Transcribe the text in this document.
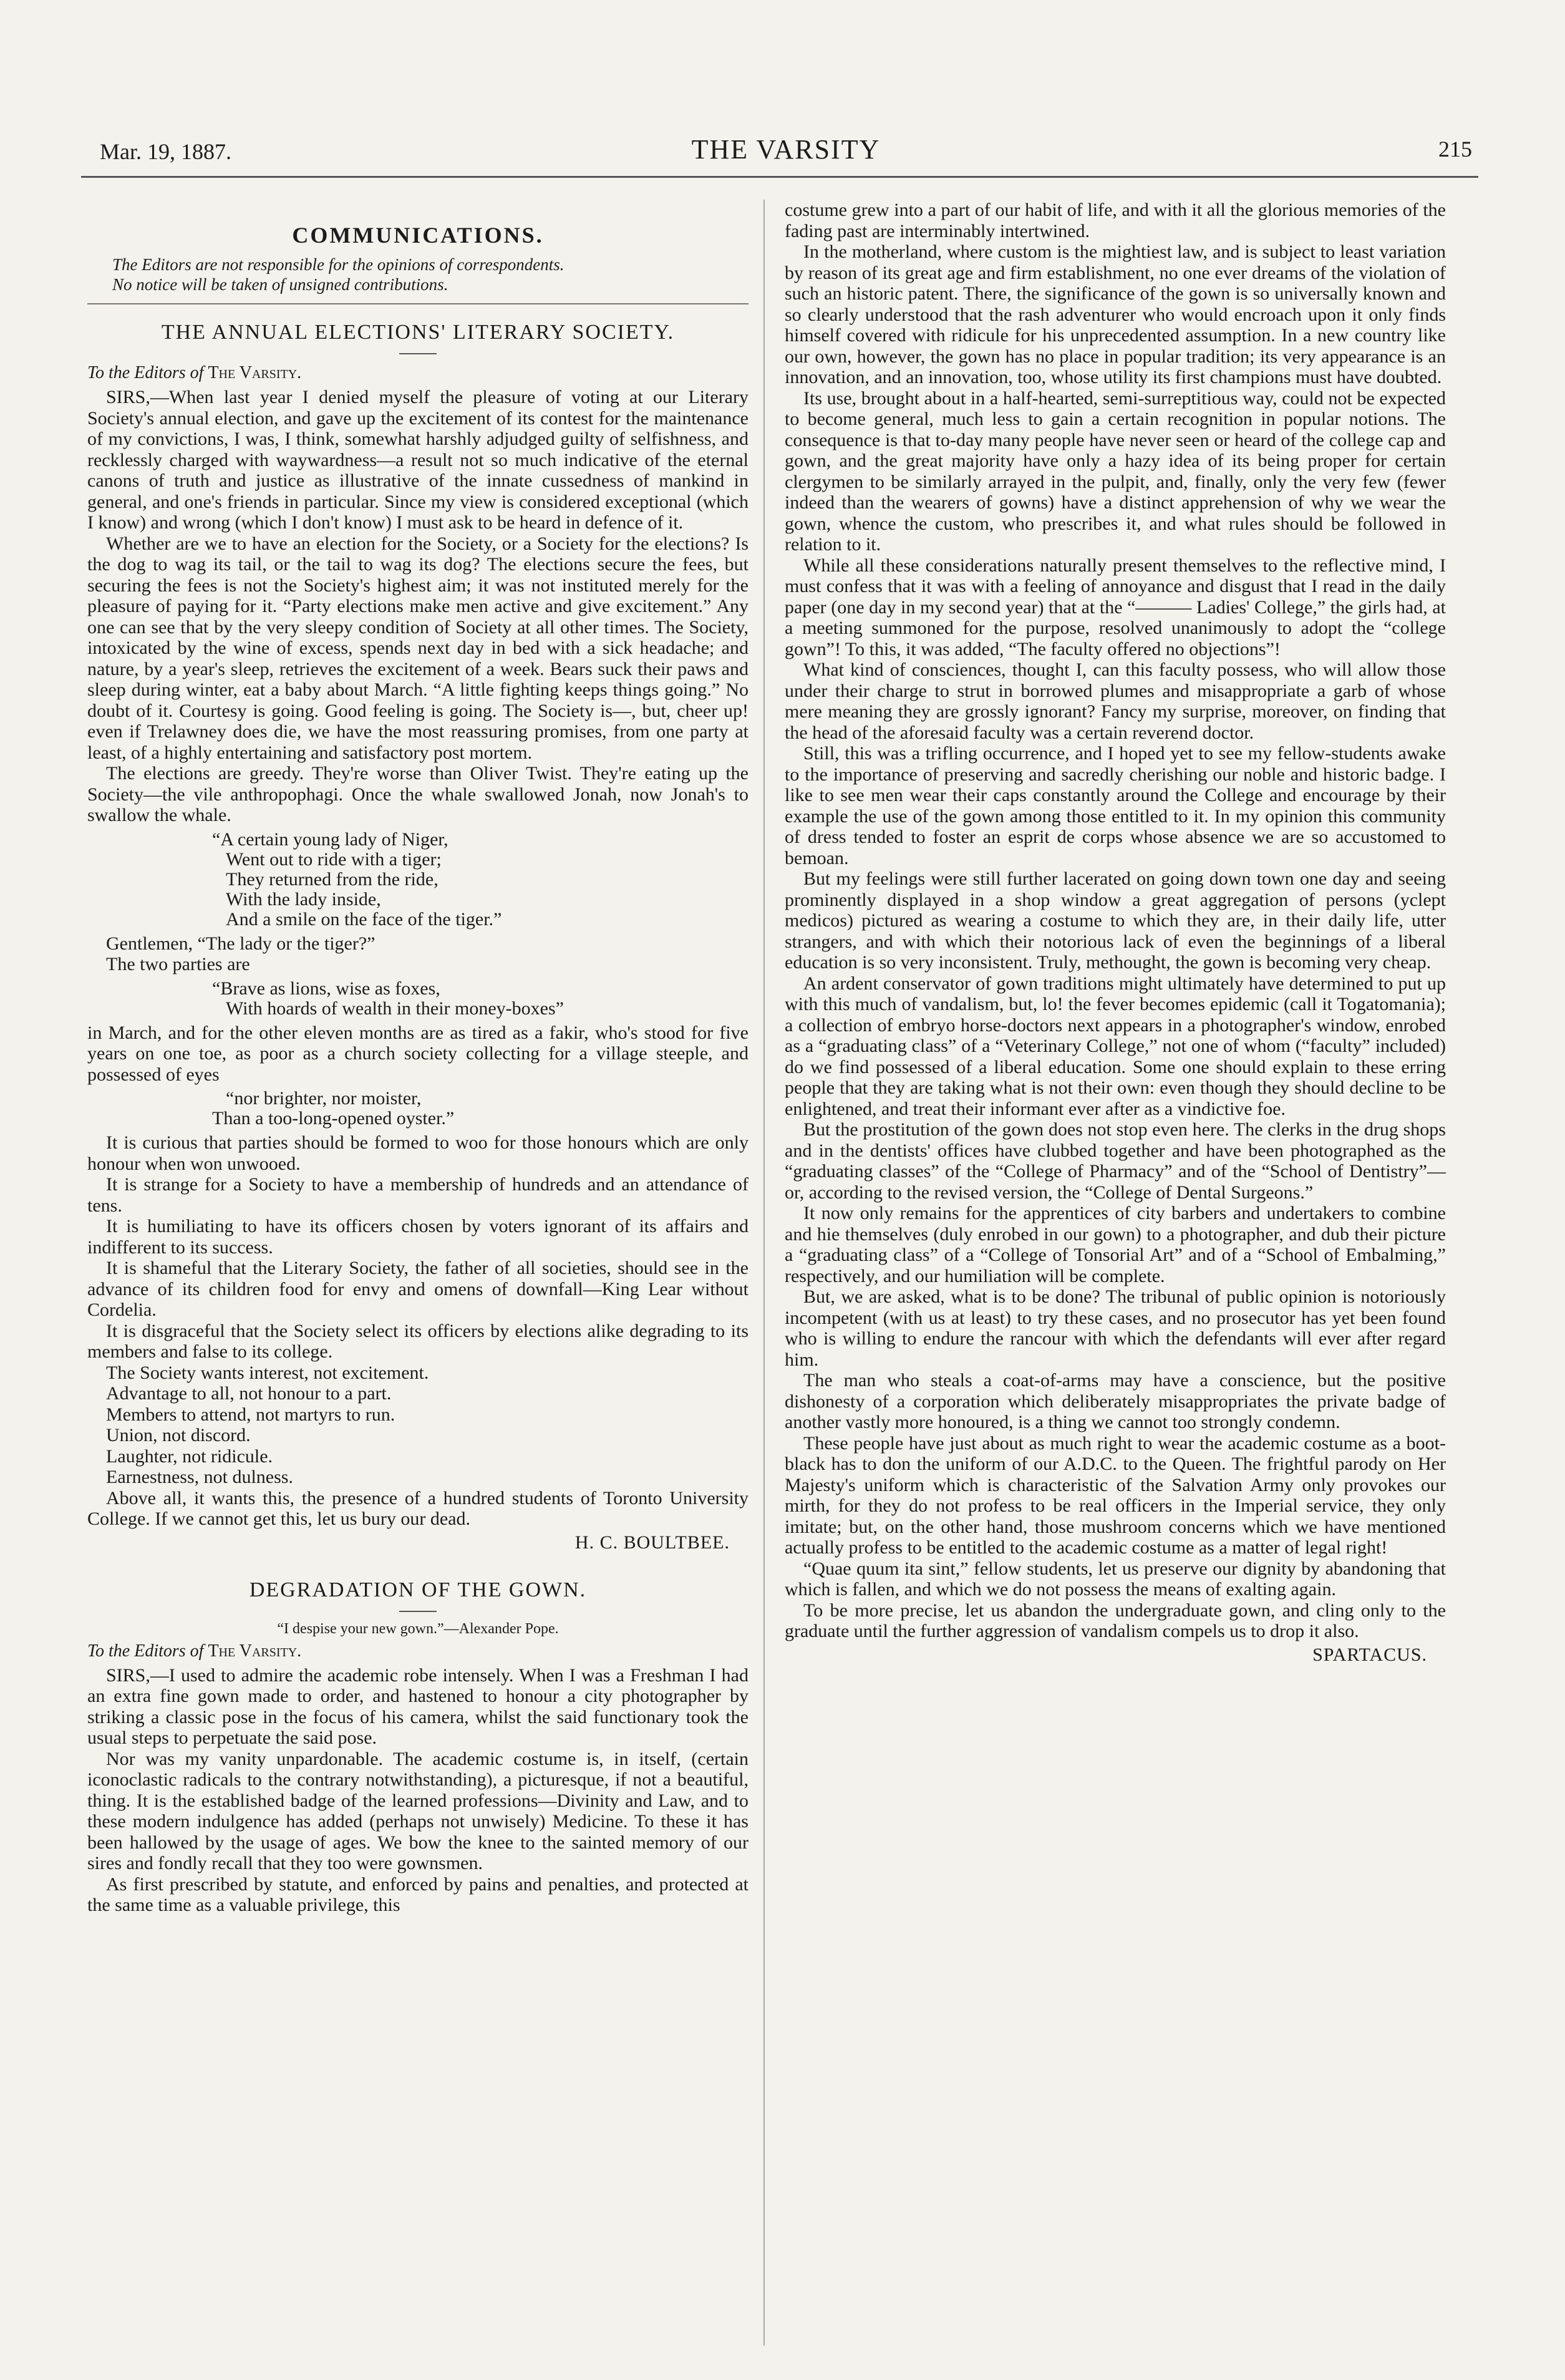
Mar. 19, 1887.	THE VARSITY	215
COMMUNICATIONS.

The Editors are not responsible for the opinions of correspondents.

No notice will be taken of unsigned contributions.

THE ANNUAL ELECTIONS' LITERARY SOCIETY.
To the Editors of The Varsity.

SIRS,—When last year I denied myself the pleasure of voting at our Literary Society's annual election, and gave up the excitement of its contest for the maintenance of my convictions, I was, I think, somewhat harshly adjudged guilty of selfishness, and recklessly charged with waywardness—a result not so much indicative of the eternal canons of truth and justice as illustrative of the innate cussedness of mankind in general, and one's friends in particular. Since my view is considered exceptional (which I know) and wrong (which I don't know) I must ask to be heard in defence of it.

Whether are we to have an election for the Society, or a Society for the elections? Is the dog to wag its tail, or the tail to wag its dog? The elections secure the fees, but securing the fees is not the Society's highest aim; it was not instituted merely for the pleasure of paying for it. “Party elections make men active and give excitement.” Any one can see that by the very sleepy condition of Society at all other times. The Society, intoxicated by the wine of excess, spends next day in bed with a sick headache; and nature, by a year's sleep, retrieves the excitement of a week. Bears suck their paws and sleep during winter, eat a baby about March. “A little fighting keeps things going.” No doubt of it. Courtesy is going. Good feeling is going. The Society is—, but, cheer up! even if Trelawney does die, we have the most reassuring promises, from one party at least, of a highly entertaining and satisfactory post mortem.

The elections are greedy. They're worse than Oliver Twist. They're eating up the Society—the vile anthropophagi. Once the whale swallowed Jonah, now Jonah's to swallow the whale.

“A certain young lady of Niger,
Went out to ride with a tiger;
They returned from the ride,
With the lady inside,
And a smile on the face of the tiger.”

Gentlemen, “The lady or the tiger?”

The two parties are

“Brave as lions, wise as foxes,
With hoards of wealth in their money-boxes”

in March, and for the other eleven months are as tired as a fakir, who's stood for five years on one toe, as poor as a church society collecting for a village steeple, and possessed of eyes

“nor brighter, nor moister,
Than a too-long-opened oyster.”

It is curious that parties should be formed to woo for those honours which are only honour when won unwooed.

It is strange for a Society to have a membership of hundreds and an attendance of tens.

It is humiliating to have its officers chosen by voters ignorant of its affairs and indifferent to its success.

It is shameful that the Literary Society, the father of all societies, should see in the advance of its children food for envy and omens of downfall—King Lear without Cordelia.

It is disgraceful that the Society select its officers by elections alike degrading to its members and false to its college.

The Society wants interest, not excitement.

Advantage to all, not honour to a part.

Members to attend, not martyrs to run.

Union, not discord.

Laughter, not ridicule.

Earnestness, not dulness.

Above all, it wants this, the presence of a hundred students of Toronto University College. If we cannot get this, let us bury our dead.

H. C. BOULTBEE.
DEGRADATION OF THE GOWN.
“I despise your new gown.”—Alexander Pope.
To the Editors of The Varsity.

SIRS,—I used to admire the academic robe intensely. When I was a Freshman I had an extra fine gown made to order, and hastened to honour a city photographer by striking a classic pose in the focus of his camera, whilst the said functionary took the usual steps to perpetuate the said pose.

Nor was my vanity unpardonable. The academic costume is, in itself, (certain iconoclastic radicals to the contrary notwithstanding), a picturesque, if not a beautiful, thing. It is the established badge of the learned professions—Divinity and Law, and to these modern indulgence has added (perhaps not unwisely) Medicine. To these it has been hallowed by the usage of ages. We bow the knee to the sainted memory of our sires and fondly recall that they too were gownsmen.

As first prescribed by statute, and enforced by pains and penalties, and protected at the same time as a valuable privilege, this

costume grew into a part of our habit of life, and with it all the glorious memories of the fading past are interminably intertwined.

In the motherland, where custom is the mightiest law, and is subject to least variation by reason of its great age and firm establishment, no one ever dreams of the violation of such an historic patent. There, the significance of the gown is so universally known and so clearly understood that the rash adventurer who would encroach upon it only finds himself covered with ridicule for his unprecedented assumption. In a new country like our own, however, the gown has no place in popular tradition; its very appearance is an innovation, and an innovation, too, whose utility its first champions must have doubted.

Its use, brought about in a half-hearted, semi-surreptitious way, could not be expected to become general, much less to gain a certain recognition in popular notions. The consequence is that to-day many people have never seen or heard of the college cap and gown, and the great majority have only a hazy idea of its being proper for certain clergymen to be similarly arrayed in the pulpit, and, finally, only the very few (fewer indeed than the wearers of gowns) have a distinct apprehension of why we wear the gown, whence the custom, who prescribes it, and what rules should be followed in relation to it.

While all these considerations naturally present themselves to the reflective mind, I must confess that it was with a feeling of annoyance and disgust that I read in the daily paper (one day in my second year) that at the “——— Ladies' College,” the girls had, at a meeting summoned for the purpose, resolved unanimously to adopt the “college gown”! To this, it was added, “The faculty offered no objections”!

What kind of consciences, thought I, can this faculty possess, who will allow those under their charge to strut in borrowed plumes and misappropriate a garb of whose mere meaning they are grossly ignorant? Fancy my surprise, moreover, on finding that the head of the aforesaid faculty was a certain reverend doctor.

Still, this was a trifling occurrence, and I hoped yet to see my fellow-students awake to the importance of preserving and sacredly cherishing our noble and historic badge. I like to see men wear their caps constantly around the College and encourage by their example the use of the gown among those entitled to it. In my opinion this community of dress tended to foster an esprit de corps whose absence we are so accustomed to bemoan.

But my feelings were still further lacerated on going down town one day and seeing prominently displayed in a shop window a great aggregation of persons (yclept medicos) pictured as wearing a costume to which they are, in their daily life, utter strangers, and with which their notorious lack of even the beginnings of a liberal education is so very inconsistent. Truly, methought, the gown is becoming very cheap.

An ardent conservator of gown traditions might ultimately have determined to put up with this much of vandalism, but, lo! the fever becomes epidemic (call it Togatomania); a collection of embryo horse-doctors next appears in a photographer's window, enrobed as a “graduating class” of a “Veterinary College,” not one of whom (“faculty” included) do we find possessed of a liberal education. Some one should explain to these erring people that they are taking what is not their own: even though they should decline to be enlightened, and treat their informant ever after as a vindictive foe.

But the prostitution of the gown does not stop even here. The clerks in the drug shops and in the dentists' offices have clubbed together and have been photographed as the “graduating classes” of the “College of Pharmacy” and of the “School of Dentistry”—or, according to the revised version, the “College of Dental Surgeons.”

It now only remains for the apprentices of city barbers and undertakers to combine and hie themselves (duly enrobed in our gown) to a photographer, and dub their picture a “graduating class” of a “College of Tonsorial Art” and of a “School of Embalming,” respectively, and our humiliation will be complete.

But, we are asked, what is to be done? The tribunal of public opinion is notoriously incompetent (with us at least) to try these cases, and no prosecutor has yet been found who is willing to endure the rancour with which the defendants will ever after regard him.

The man who steals a coat-of-arms may have a conscience, but the positive dishonesty of a corporation which deliberately misappropriates the private badge of another vastly more honoured, is a thing we cannot too strongly condemn.

These people have just about as much right to wear the academic costume as a boot-black has to don the uniform of our A.D.C. to the Queen. The frightful parody on Her Majesty's uniform which is characteristic of the Salvation Army only provokes our mirth, for they do not profess to be real officers in the Imperial service, they only imitate; but, on the other hand, those mushroom concerns which we have mentioned actually profess to be entitled to the academic costume as a matter of legal right!

“Quae quum ita sint,” fellow students, let us preserve our dignity by abandoning that which is fallen, and which we do not possess the means of exalting again.

To be more precise, let us abandon the undergraduate gown, and cling only to the graduate until the further aggression of vandalism compels us to drop it also.

SPARTACUS.
